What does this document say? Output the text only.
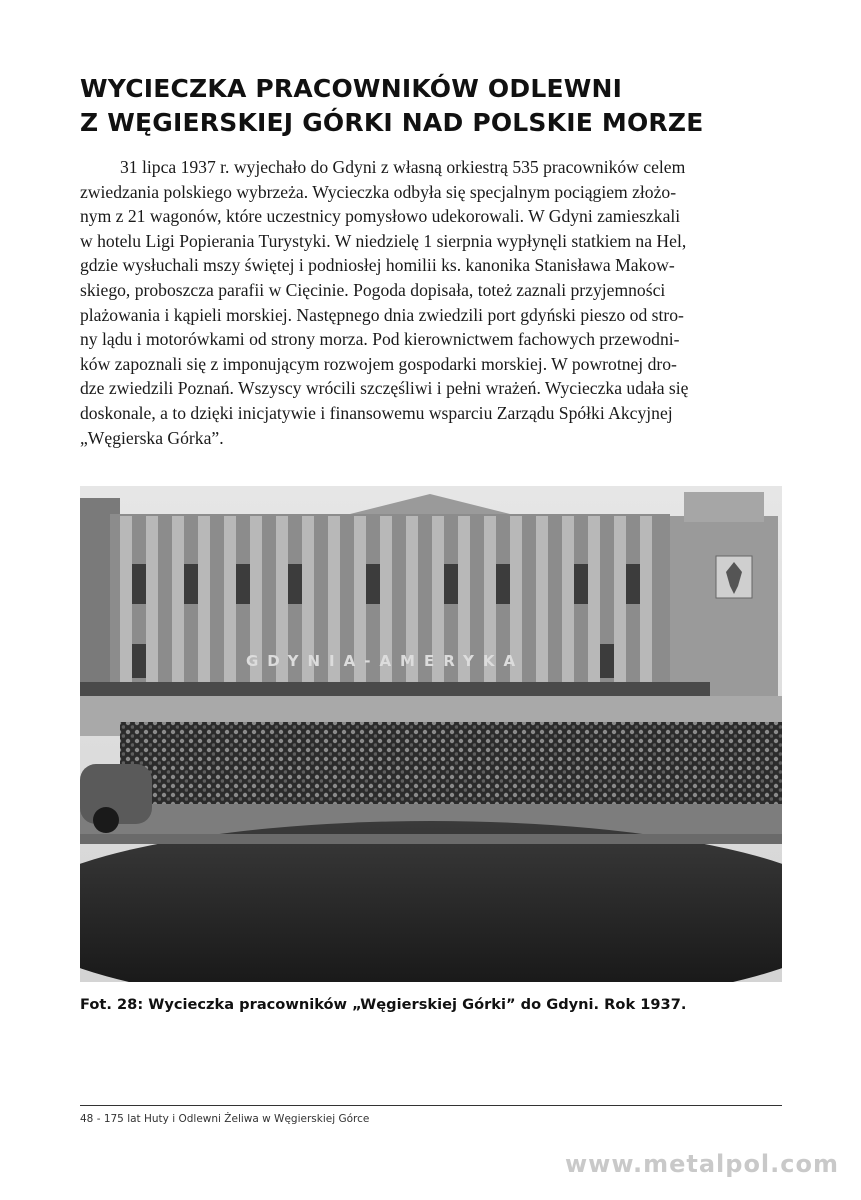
WYCIECZKA PRACOWNIKÓW ODLEWNI
Z WĘGIERSKIEJ GÓRKI NAD POLSKIE MORZE
31 lipca 1937 r. wyjechało do Gdyni z własną orkiestrą 535 pracowników celem
zwiedzania polskiego wybrzeża. Wycieczka odbyła się specjalnym pociągiem złożo-
nym z 21 wagonów, które uczestnicy pomysłowo udekorowali. W Gdyni zamieszkali
w hotelu Ligi Popierania Turystyki. W niedzielę 1 sierpnia wypłynęli statkiem na Hel,
gdzie wysłuchali mszy świętej i podniosłej homilii ks. kanonika Stanisława Makow-
skiego, proboszcza parafii w Cięcinie. Pogoda dopisała, toteż zaznali przyjemności
plażowania i kąpieli morskiej. Następnego dnia zwiedzili port gdyński pieszo od stro-
ny lądu i motorówkami od strony morza. Pod kierownictwem fachowych przewodni-
ków zapoznali się z imponującym rozwojem gospodarki morskiej. W powrotnej dro-
dze zwiedzili Poznań. Wszyscy wrócili szczęśliwi i pełni wrażeń. Wycieczka udała się
doskonale, a to dzięki inicjatywie i finansowemu wsparciu Zarządu Spółki Akcyjnej
„Węgierska Górka”.
GDYNIA-AMERYKA

Fot. 28: Wycieczka pracowników „Węgierskiej Górki” do Gdyni. Rok 1937.

48 - 175 lat Huty i Odlewni Żeliwa w Węgierskiej Górce
www.metalpol.com
